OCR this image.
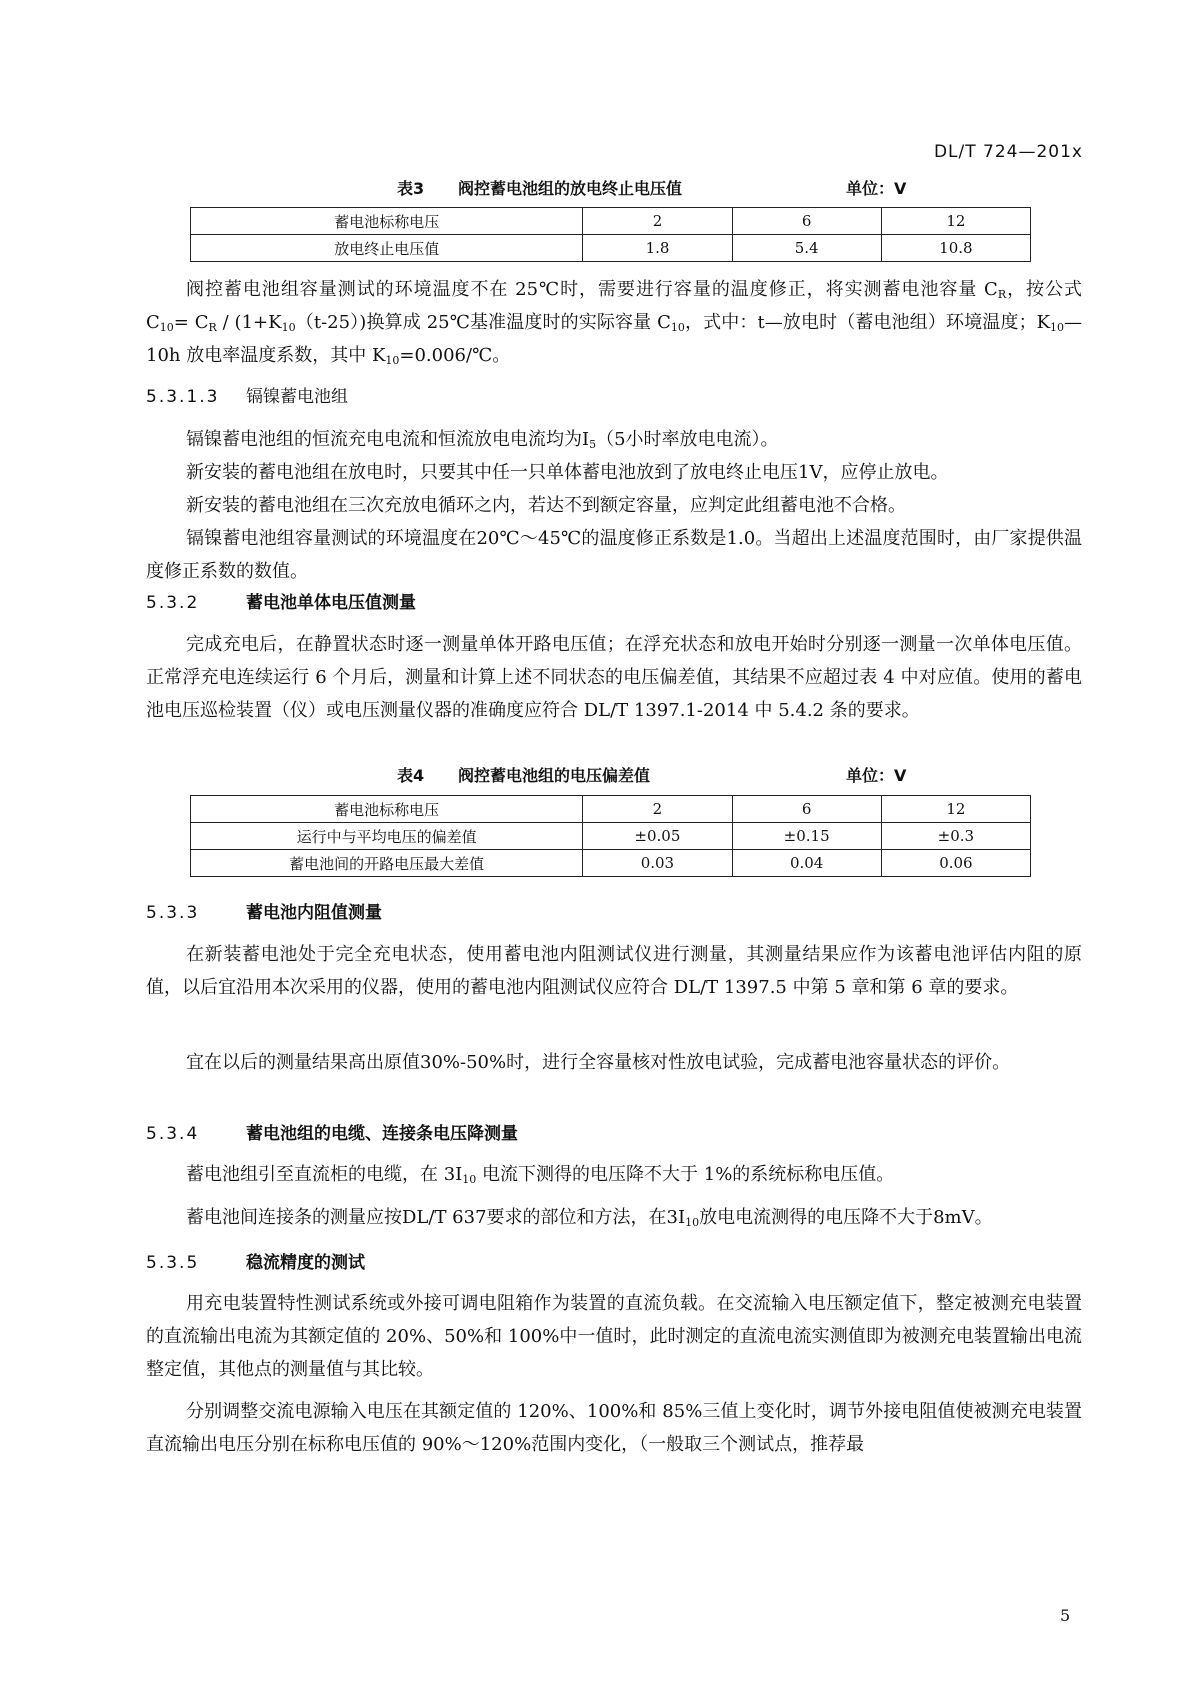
DL/T 724—201x
表3 阀控蓄电池组的放电终止电压值	单位：V
蓄电池标称电压	2	6	12
放电终止电压值	1.8	5.4	10.8
阀控蓄电池组容量测试的环境温度不在 25℃时，需要进行容量的温度修正，将实测蓄电池容量 $C_R$，按公式 $C_{10}= C_R / (1+K_{10}(t-25))$换算成 25℃基准温度时的实际容量 $C_{10}$，式中：t—放电时（蓄电池组）环境温度；$K_{10}—10h$ 放电率温度系数，其中 $K_{10}=0.006/℃$。
5.3.1.3 镉镍蓄电池组
镉镍蓄电池组的恒流充电电流和恒流放电电流均为$I_5(5$小时率放电电流）。
新安装的蓄电池组在放电时，只要其中任一只单体蓄电池放到了放电终止电压1V，应停止放电。
新安装的蓄电池组在三次充放电循环之内，若达不到额定容量，应判定此组蓄电池不合格。
镉镍蓄电池组容量测试的环境温度在20℃～45℃的温度修正系数是1.0。当超出上述温度范围时，由厂家提供温度修正系数的数值。
5.3.2	蓄电池单体电压值测量
完成充电后，在静置状态时逐一测量单体开路电压值；在浮充状态和放电开始时分别逐一测量一次单体电压值。正常浮充电连续运行 6 个月后，测量和计算上述不同状态的电压偏差值，其结果不应超过表 4 中对应值。使用的蓄电池电压巡检装置（仪）或电压测量仪器的准确度应符合 DL/T 1397.1-2014 中 5.4.2 条的要求。
表4 阀控蓄电池组的电压偏差值	单位：V
蓄电池标称电压	2	6	12
运行中与平均电压的偏差值	±0.05	±0.15	±0.3
蓄电池间的开路电压最大差值	0.03	0.04	0.06
5.3.3	蓄电池内阻值测量
在新装蓄电池处于完全充电状态，使用蓄电池内阻测试仪进行测量，其测量结果应作为该蓄电池评估内阻的原值，以后宜沿用本次采用的仪器，使用的蓄电池内阻测试仪应符合 DL/T 1397.5 中第 5 章和第 6 章的要求。
宜在以后的测量结果高出原值30%-50%时，进行全容量核对性放电试验，完成蓄电池容量状态的评价。
5.3.4	蓄电池组的电缆、连接条电压降测量
蓄电池组引至直流柜的电缆，在 $3I_{10}$ 电流下测得的电压降不大于 1%的系统标称电压值。
蓄电池间连接条的测量应按DL/T 637要求的部位和方法，在$3I_{10}$放电电流测得的电压降不大于8mV。
5.3.5	稳流精度的测试
用充电装置特性测试系统或外接可调电阻箱作为装置的直流负载。在交流输入电压额定值下，整定被测充电装置的直流输出电流为其额定值的 20%、50%和 100%中一值时，此时测定的直流电流实测值即为被测充电装置输出电流整定值，其他点的测量值与其比较。
分别调整交流电源输入电压在其额定值的 120%、100%和 85%三值上变化时，调节外接电阻值使被测充电装置直流输出电压分别在标称电压值的 90%～120%范围内变化，（一般取三个测试点，推荐最
5
